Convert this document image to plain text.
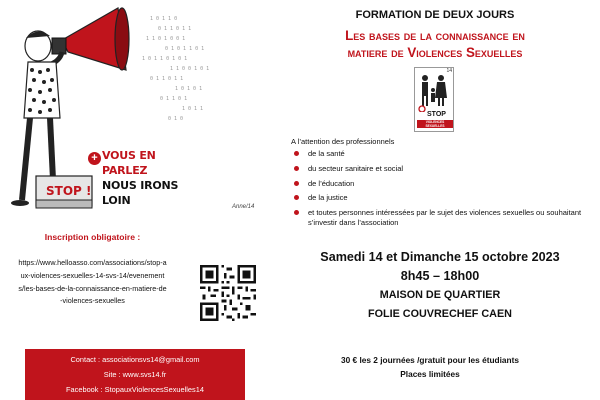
1 0 1 1 0
0 1 1 0 1 1
1 1 0 1 0 0 1
0 1 0 1 1 0 1
1 0 1 1 0 1 0 1
1 1 0 0 1 0 1
0 1 1 0 1 1
1 0 1 0 1
0 1 1 0 1
1 0 1 1
0 1 0
STOP !
+ VOUS EN PARLEZ
NOUS IRONS LOIN	Anne/14
Inscription obligatoire :
https://www.helloasso.com/associations/stop-aux-violences-sexuelles-14-svs-14/evenements/les-bases-de-la-connaissance-en-matiere-de-violences-sexuelles
Contact : associationsvs14@gmail.com
Site : www.svs14.fr
Facebook : StopauxViolencesSexuelles14
FORMATION DE DEUX JOURS
Les bases de la connaissance en
matiere de Violences Sexuelles
14
STOP
VIOLENCES SEXUELLES
A l’attention des professionnels
de la santé
du secteur sanitaire et social
de l’éducation
de la justice
et toutes personnes intéressées par le sujet des violences sexuelles ou souhaitant s’investir dans l’association
Samedi 14 et Dimanche 15 octobre 2023
8h45 – 18h00
MAISON DE QUARTIER
FOLIE COUVRECHEF CAEN
30 € les 2 journées /gratuit pour les étudiants
Places limitées
